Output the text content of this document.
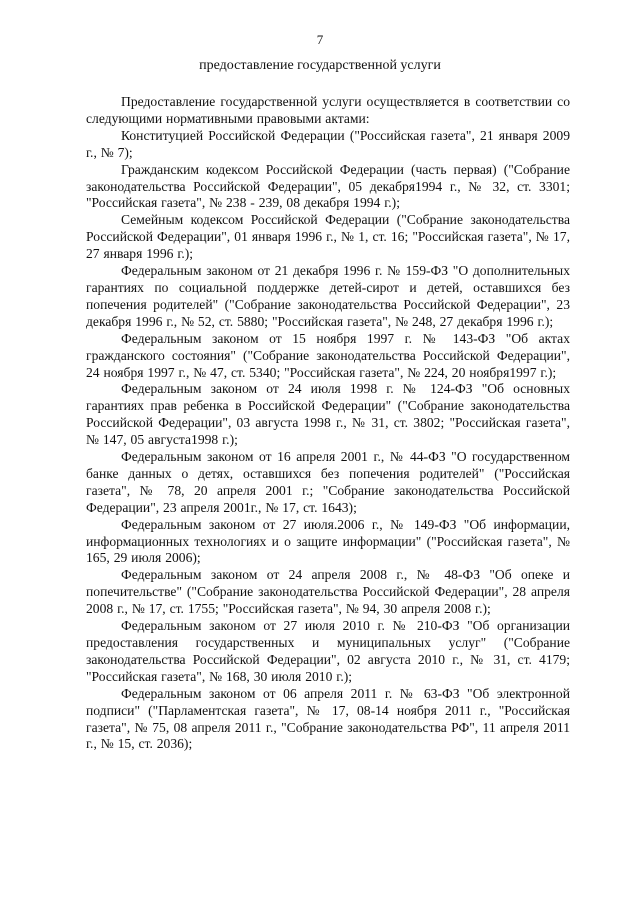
7
предоставление государственной услуги

Предоставление государственной услуги осуществляется в соответствии со следующими нормативными правовыми актами:

Конституцией Российской Федерации ("Российская газета", 21 января 2009 г., № 7);

Гражданским кодексом Российской Федерации (часть первая) ("Собрание законодательства Российской Федерации", 05 декабря1994 г., № 32, ст. 3301; "Российская газета", № 238 - 239, 08 декабря 1994 г.);

Семейным кодексом Российской Федерации ("Собрание законодательства Российской Федерации", 01 января 1996 г., № 1, ст. 16; "Российская газета", № 17, 27 января 1996 г.);

Федеральным законом от 21 декабря 1996 г. № 159-ФЗ "О дополнительных гарантиях по социальной поддержке детей-сирот и детей, оставшихся без попечения родителей" ("Собрание законодательства Российской Федерации", 23 декабря 1996 г., № 52, ст. 5880; "Российская газета", № 248, 27 декабря 1996 г.);

Федеральным законом от 15 ноября 1997 г. № 143-ФЗ "Об актах гражданского состояния" ("Собрание законодательства Российской Федерации", 24 ноября 1997 г., № 47, ст. 5340; "Российская газета", № 224, 20 ноября1997 г.);

Федеральным законом от 24 июля 1998 г. № 124-ФЗ "Об основных гарантиях прав ребенка в Российской Федерации" ("Собрание законодательства Российской Федерации", 03 августа 1998 г., № 31, ст. 3802; "Российская газета", № 147, 05 августа1998 г.);

Федеральным законом от 16 апреля 2001 г., № 44-ФЗ "О государственном банке данных о детях, оставшихся без попечения родителей" ("Российская газета", № 78, 20 апреля 2001 г.; "Собрание законодательства Российской Федерации", 23 апреля 2001г., № 17, ст. 1643);

Федеральным законом от 27 июля.2006 г., № 149-ФЗ "Об информации, информационных технологиях и о защите информации" ("Российская газета", № 165, 29 июля 2006);

Федеральным законом от 24 апреля 2008 г., № 48-ФЗ "Об опеке и попечительстве" ("Собрание законодательства Российской Федерации", 28 апреля 2008 г., № 17, ст. 1755; "Российская газета", № 94, 30 апреля 2008 г.);

Федеральным законом от 27 июля 2010 г. № 210-ФЗ "Об организации предоставления государственных и муниципальных услуг" ("Собрание законодательства Российской Федерации", 02 августа 2010 г., № 31, ст. 4179; "Российская газета", № 168, 30 июля 2010 г.);

Федеральным законом от 06 апреля 2011 г. № 63-ФЗ "Об электронной подписи" ("Парламентская газета", № 17, 08-14 ноября 2011 г., "Российская газета", № 75, 08 апреля 2011 г., "Собрание законодательства РФ", 11 апреля 2011 г., № 15, ст. 2036);
